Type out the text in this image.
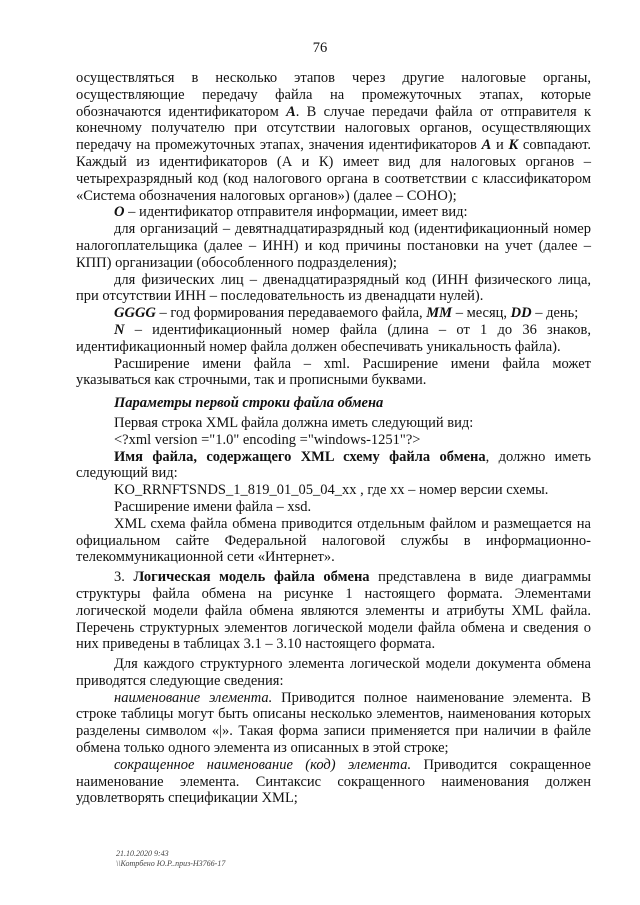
76

осуществляться в несколько этапов через другие налоговые органы, осуществляющие передачу файла на промежуточных этапах, которые обозначаются идентификатором A. В случае передачи файла от отправителя к конечному получателю при отсутствии налоговых органов, осуществляющих передачу на промежуточных этапах, значения идентификаторов A и K совпадают. Каждый из идентификаторов (А и К) имеет вид для налоговых органов – четырехразрядный код (код налогового органа в соответствии с классификатором «Система обозначения налоговых органов») (далее – СОНО);

O – идентификатор отправителя информации, имеет вид:

для организаций – девятнадцатиразрядный код (идентификационный номер налогоплательщика (далее – ИНН) и код причины постановки на учет (далее – КПП) организации (обособленного подразделения);

для физических лиц – двенадцатиразрядный код (ИНН физического лица, при отсутствии ИНН – последовательность из двенадцати нулей).

GGGG – год формирования передаваемого файла, MM – месяц, DD – день;

N – идентификационный номер файла (длина – от 1 до 36 знаков, идентификационный номер файла должен обеспечивать уникальность файла).

Расширение имени файла – xml. Расширение имени файла может указываться как строчными, так и прописными буквами.

Параметры первой строки файла обмена

Первая строка XML файла должна иметь следующий вид:

<?xml version ="1.0" encoding ="windows-1251"?>

Имя файла, содержащего XML схему файла обмена, должно иметь следующий вид:

KO_RRNFTSNDS_1_819_01_05_04_xx , где хх – номер версии схемы.

Расширение имени файла – xsd.

XML схема файла обмена приводится отдельным файлом и размещается на официальном сайте Федеральной налоговой службы в информационно-телекоммуникационной сети «Интернет».

3. Логическая модель файла обмена представлена в виде диаграммы структуры файла обмена на рисунке 1 настоящего формата. Элементами логической модели файла обмена являются элементы и атрибуты XML файла. Перечень структурных элементов логической модели файла обмена и сведения о них приведены в таблицах 3.1 – 3.10 настоящего формата.

Для каждого структурного элемента логической модели документа обмена приводятся следующие сведения:

наименование элемента. Приводится полное наименование элемента. В строке таблицы могут быть описаны несколько элементов, наименования которых разделены символом «|». Такая форма записи применяется при наличии в файле обмена только одного элемента из описанных в этой строке;

сокращенное наименование (код) элемента. Приводится сокращенное наименование элемента. Синтаксис сокращенного наименования должен удовлетворять спецификации XML;

21.10.2020 9:43
\\Котрбено Ю.Р..приз-Н3766-17
